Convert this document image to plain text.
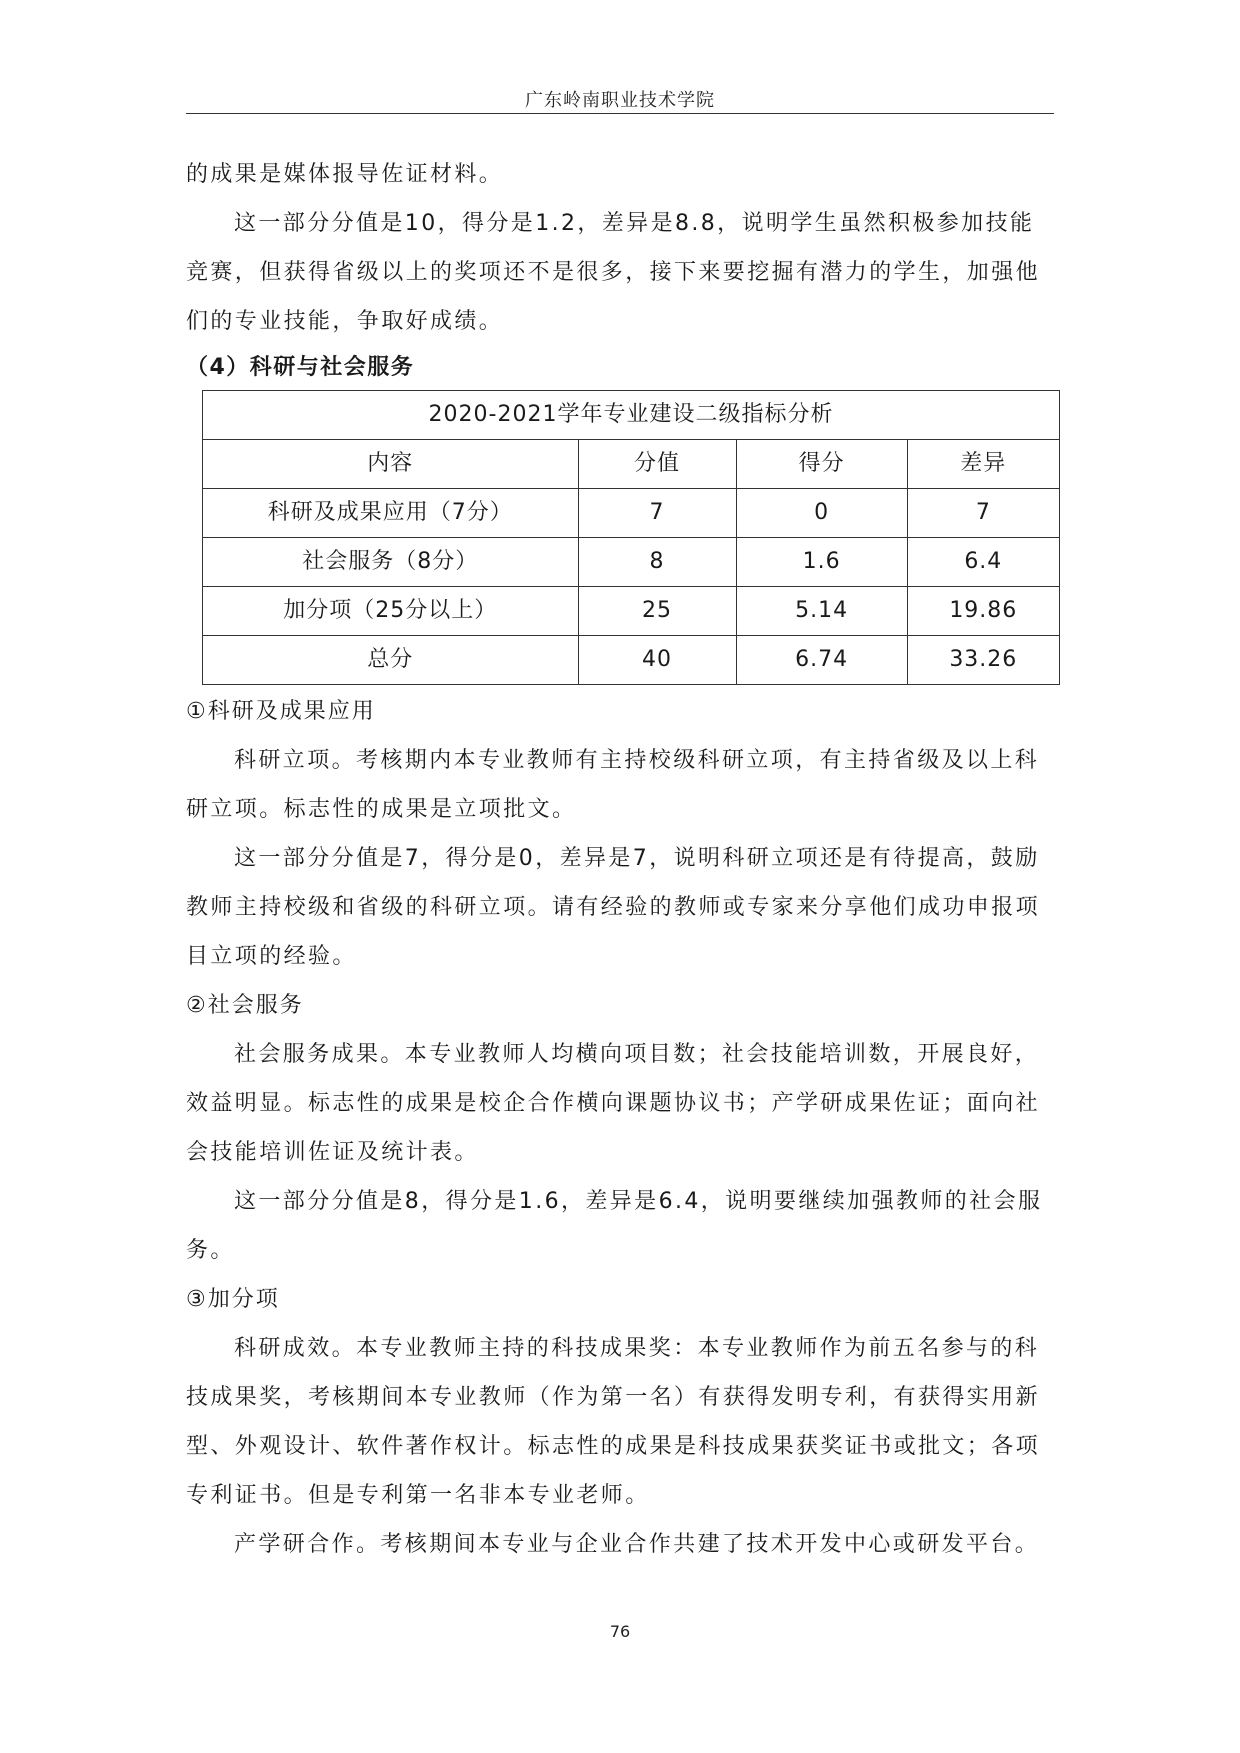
广东岭南职业技术学院

的成果是媒体报导佐证材料。

这一部分分值是10，得分是1.2，差异是8.8，说明学生虽然积极参加技能竞赛，但获得省级以上的奖项还不是很多，接下来要挖掘有潜力的学生，加强他们的专业技能，争取好成绩。

（4）科研与社会服务

2020-2021学年专业建设二级指标分析			
内容	分值	得分	差异
科研及成果应用（7分）	7	0	7
社会服务（8分）	8	1.6	6.4
加分项（25分以上）	25	5.14	19.86
总分	40	6.74	33.26

①科研及成果应用

科研立项。考核期内本专业教师有主持校级科研立项，有主持省级及以上科研立项。标志性的成果是立项批文。

这一部分分值是7，得分是0，差异是7，说明科研立项还是有待提高，鼓励教师主持校级和省级的科研立项。请有经验的教师或专家来分享他们成功申报项目立项的经验。

②社会服务

社会服务成果。本专业教师人均横向项目数；社会技能培训数，开展良好，效益明显。标志性的成果是校企合作横向课题协议书；产学研成果佐证；面向社会技能培训佐证及统计表。

这一部分分值是8，得分是1.6，差异是6.4，说明要继续加强教师的社会服务。

③加分项

科研成效。本专业教师主持的科技成果奖：本专业教师作为前五名参与的科技成果奖，考核期间本专业教师（作为第一名）有获得发明专利，有获得实用新型、外观设计、软件著作权计。标志性的成果是科技成果获奖证书或批文；各项专利证书。但是专利第一名非本专业老师。

产学研合作。考核期间本专业与企业合作共建了技术开发中心或研发平台。

76
